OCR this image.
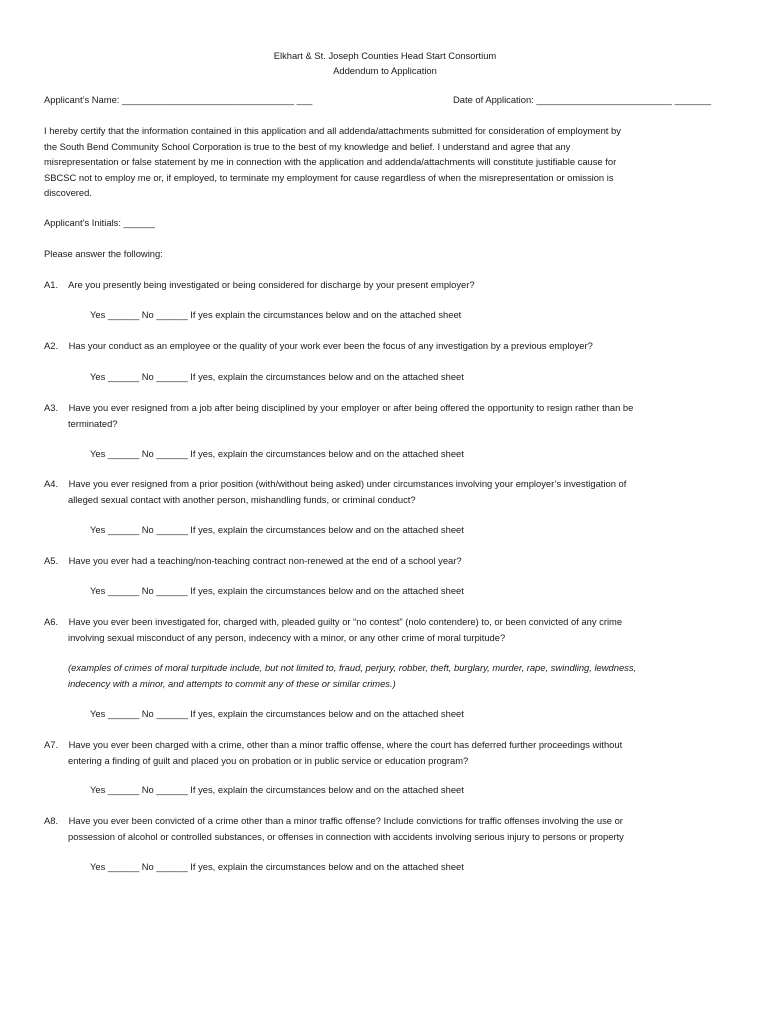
Elkhart & St. Joseph Counties Head Start Consortium
Addendum to Application
Applicant’s Name: _________________________________ ___	Date of Application: __________________________ _______
I hereby certify that the information contained in this application and all addenda/attachments submitted for consideration of employment by
the South Bend Community School Corporation is true to the best of my knowledge and belief. I understand and agree that any
misrepresentation or false statement by me in connection with the application and addenda/attachments will constitute justifiable cause for
SBCSC not to employ me or, if employed, to terminate my employment for cause regardless of when the misrepresentation or omission is
discovered.
Applicant’s Initials: ______
Please answer the following:
A1. Are you presently being investigated or being considered for discharge by your present employer?
Yes ______ No ______ If yes explain the circumstances below and on the attached sheet
A2. Has your conduct as an employee or the quality of your work ever been the focus of any investigation by a previous employer?
Yes ______ No ______ If yes, explain the circumstances below and on the attached sheet
A3. Have you ever resigned from a job after being disciplined by your employer or after being offered the opportunity to resign rather than be
terminated?
Yes ______ No ______ If yes, explain the circumstances below and on the attached sheet
A4. Have you ever resigned from a prior position (with/without being asked) under circumstances involving your employer’s investigation of
alleged sexual contact with another person, mishandling funds, or criminal conduct?
Yes ______ No ______ If yes, explain the circumstances below and on the attached sheet
A5. Have you ever had a teaching/non-teaching contract non-renewed at the end of a school year?
Yes ______ No ______ If yes, explain the circumstances below and on the attached sheet
A6. Have you ever been investigated for, charged with, pleaded guilty or “no contest” (nolo contendere) to, or been convicted of any crime
involving sexual misconduct of any person, indecency with a minor, or any other crime of moral turpitude?
(examples of crimes of moral turpitude include, but not limited to, fraud, perjury, robber, theft, burglary, murder, rape, swindling, lewdness,
indecency with a minor, and attempts to commit any of these or similar crimes.)
Yes ______ No ______ If yes, explain the circumstances below and on the attached sheet
A7. Have you ever been charged with a crime, other than a minor traffic offense, where the court has deferred further proceedings without
entering a finding of guilt and placed you on probation or in public service or education program?
Yes ______ No ______ If yes, explain the circumstances below and on the attached sheet
A8. Have you ever been convicted of a crime other than a minor traffic offense? Include convictions for traffic offenses involving the use or
possession of alcohol or controlled substances, or offenses in connection with accidents involving serious injury to persons or property
Yes ______ No ______ If yes, explain the circumstances below and on the attached sheet
